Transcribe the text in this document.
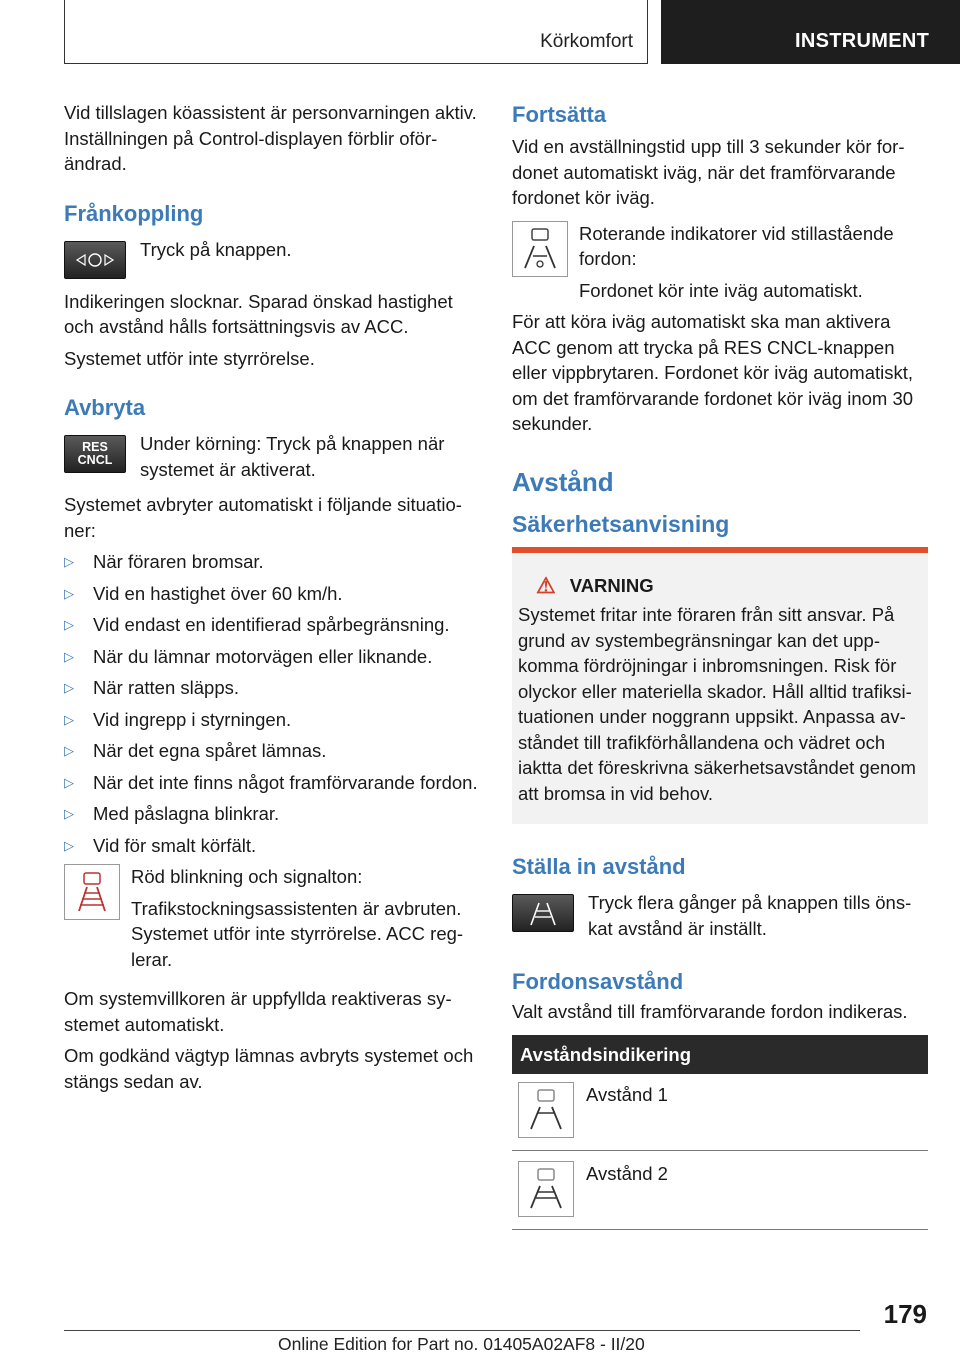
Körkomfort	INSTRUMENT

Vid tillslagen köassistent är personvarningen aktiv. Inställningen på Control-displayen förblir oförändrad.

Frånkoppling
Tryck på knappen.

Indikeringen slocknar. Sparad önskad hastighet och avstånd hålls fortsättningsvis av ACC.

Systemet utför inte styrrörelse.

Avbryta
RES
CNCL
Under körning: Tryck på knappen när systemet är aktiverat.

Systemet avbryter automatiskt i följande situationer:

▷ När föraren bromsar.
▷ Vid en hastighet över 60 km/h.
▷ Vid endast en identifierad spårbegränsning.
▷ När du lämnar motorvägen eller liknande.
▷ När ratten släpps.
▷ Vid ingrepp i styrningen.
▷ När det egna spåret lämnas.
▷ När det inte finns något framförvarande fordon.
▷ Med påslagna blinkrar.
▷ Vid för smalt körfält.
Röd blinkning och signalton:
Trafikstockningsassistenten är avbruten. Systemet utför inte styrrörelse. ACC reglerar.

Om systemvillkoren är uppfyllda reaktiveras systemet automatiskt.

Om godkänd vägtyp lämnas avbryts systemet och stängs sedan av.

Fortsätta

Vid en avställningstid upp till 3 sekunder kör fordonet automatiskt iväg, när det framförvarande fordonet kör iväg.

Roterande indikatorer vid stillastående fordon:
Fordonet kör inte iväg automatiskt.

För att köra iväg automatiskt ska man aktivera ACC genom att trycka på RES CNCL-knappen eller vippbrytaren. Fordonet kör iväg automatiskt, om det framförvarande fordonet kör iväg inom 30 sekunder.

Avstånd
Säkerhetsanvisning
⚠ VARNING
Systemet fritar inte föraren från sitt ansvar. På grund av systembegränsningar kan det uppkomma fördröjningar i inbromsningen. Risk för olyckor eller materiella skador. Håll alltid trafiksituationen under noggrann uppsikt. Anpassa avståndet till trafikförhållandena och vädret och iaktta det föreskrivna säkerhetsavståndet genom att bromsa in vid behov.
Ställa in avstånd
Tryck flera gånger på knappen tills önskat avstånd är inställt.
Fordonsavstånd

Valt avstånd till framförvarande fordon indikeras.

Avståndsindikering
Avstånd 1
Avstånd 2
179
Online Edition for Part no. 01405A02AF8 - II/20
